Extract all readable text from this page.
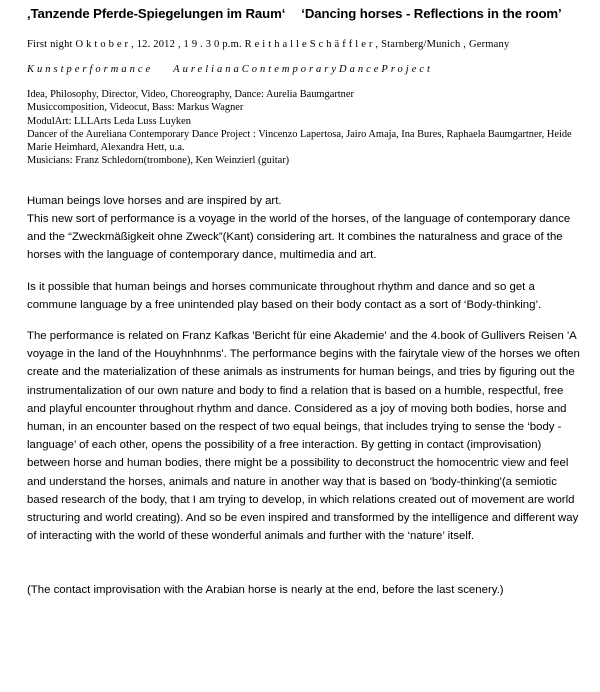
‚Tanzende Pferde-Spiegelungen im Raum‘ ‘Dancing horses - Reflections in the room’
First night O k t o b e r , 12. 2012 , 1 9 . 3 0 p.m. R e i t h a l l e S c h ä f f l e r , Starnberg/Munich , Germany
Kunstperformance AurelianaContemporaryDanceProject
Idea, Philosophy, Director, Video, Choreography, Dance: Aurelia Baumgartner
Musiccomposition, Videocut, Bass: Markus Wagner
ModulArt: LLLArts Leda Luss Luyken
Dancer of the Aureliana Contemporary Dance Project : Vincenzo Lapertosa, Jairo Amaja, Ina Bures, Raphaela Baumgartner, Heide Marie Heimhard, Alexandra Hett, u.a.
Musicians: Franz Schledorn(trombone), Ken Weinzierl (guitar)

Human beings love horses and are inspired by art.

This new sort of performance is a voyage in the world of the horses, of the language of contemporary dance and the “Zweckmäßigkeit ohne Zweck”(Kant) considering art. It combines the naturalness and grace of the horses with the language of contemporary dance, multimedia and art.

Is it possible that human beings and horses communicate throughout rhythm and dance and so get a commune language by a free unintended play based on their body contact as a sort of ‘Body-thinking’.

The performance is related on Franz Kafkas 'Bericht für eine Akademie' and the 4.book of Gullivers Reisen 'A voyage in the land of the Houyhnhnms'. The performance begins with the fairytale view of the horses we often create and the materialization of these animals as instruments for human beings, and tries by figuring out the instrumentalization of our own nature and body to find a relation that is based on a humble, respectful, free and playful encounter throughout rhythm and dance. Considered as a joy of moving both bodies, horse and human, in an encounter based on the respect of two equal beings, that includes trying to sense the ‘body -language’ of each other, opens the possibility of a free interaction. By getting in contact (improvisation) between horse and human bodies, there might be a possibility to deconstruct the homocentric view and feel and understand the horses, animals and nature in another way that is based on 'body-thinking'(a semiotic based research of the body, that I am trying to develop, in which relations created out of movement are world structuring and world creating). And so be even inspired and transformed by the intelligence and different way of interacting with the world of these wonderful animals and further with the ‘nature’ itself.

(The contact improvisation with the Arabian horse is nearly at the end, before the last scenery.)
